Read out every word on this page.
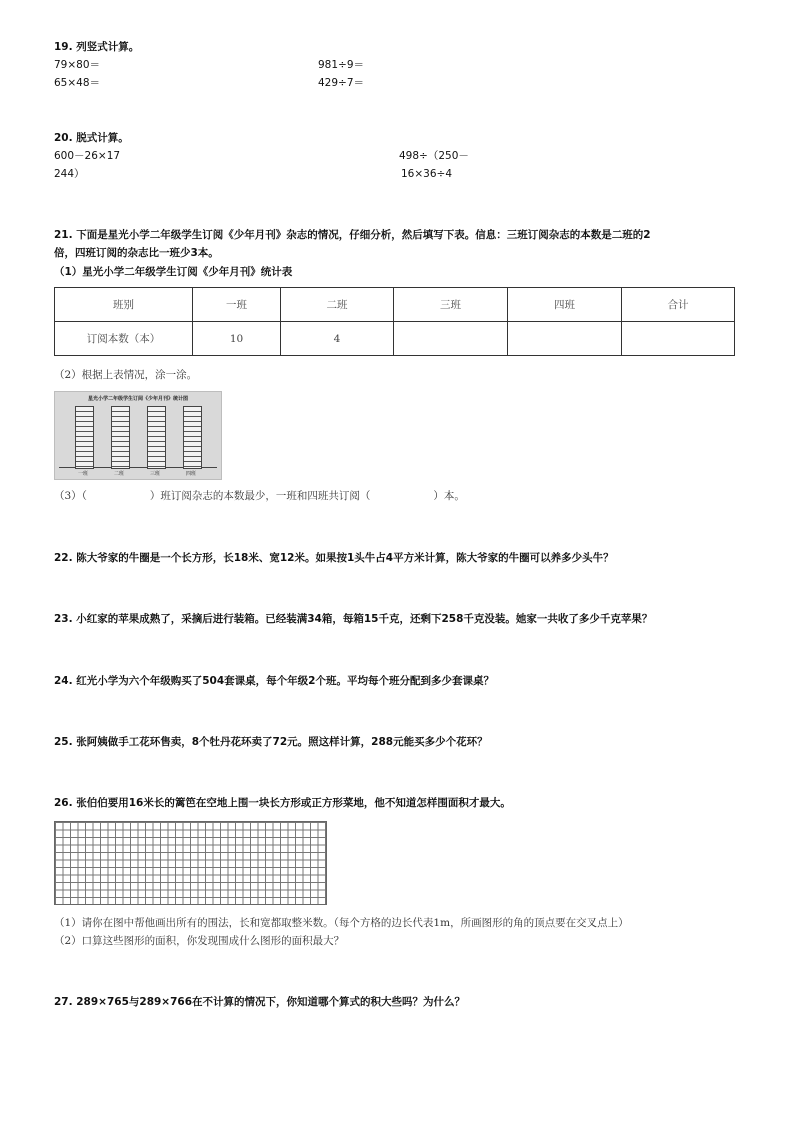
19. 列竖式计算。
79×80＝	981÷9＝
65×48＝	429÷7＝
20. 脱式计算。
600－26×17	498÷（250－
244）	16×36÷4
21. 下面是星光小学二年级学生订阅《少年月刊》杂志的情况，仔细分析，然后填写下表。信息：三班订阅杂志的本数是二班的2
倍，四班订阅的杂志比一班少3本。
（1）星光小学二年级学生订阅《少年月刊》统计表
班别	一班	二班	三班	四班	合计
订阅本数（本）	10	4			
（2）根据上表情况，涂一涂。
星光小学二年级学生订阅《少年月刊》统计图
一班	二班	三班	四班
（3）（　　　　　　）班订阅杂志的本数最少，一班和四班共订阅（　　　　　　）本。
22. 陈大爷家的牛圈是一个长方形，长18米、宽12米。如果按1头牛占4平方米计算，陈大爷家的牛圈可以养多少头牛？
23. 小红家的苹果成熟了，采摘后进行装箱。已经装满34箱，每箱15千克，还剩下258千克没装。她家一共收了多少千克苹果？
24. 红光小学为六个年级购买了504套课桌，每个年级2个班。平均每个班分配到多少套课桌？
25. 张阿姨做手工花环售卖，8个牡丹花环卖了72元。照这样计算，288元能买多少个花环？
26. 张伯伯要用16米长的篱笆在空地上围一块长方形或正方形菜地，他不知道怎样围面积才最大。
（1）请你在图中帮他画出所有的围法，长和宽都取整米数。（每个方格的边长代表1m，所画图形的角的顶点要在交叉点上）
（2）口算这些图形的面积，你发现围成什么图形的面积最大？
27. 289×765与289×766在不计算的情况下，你知道哪个算式的积大些吗？为什么？
